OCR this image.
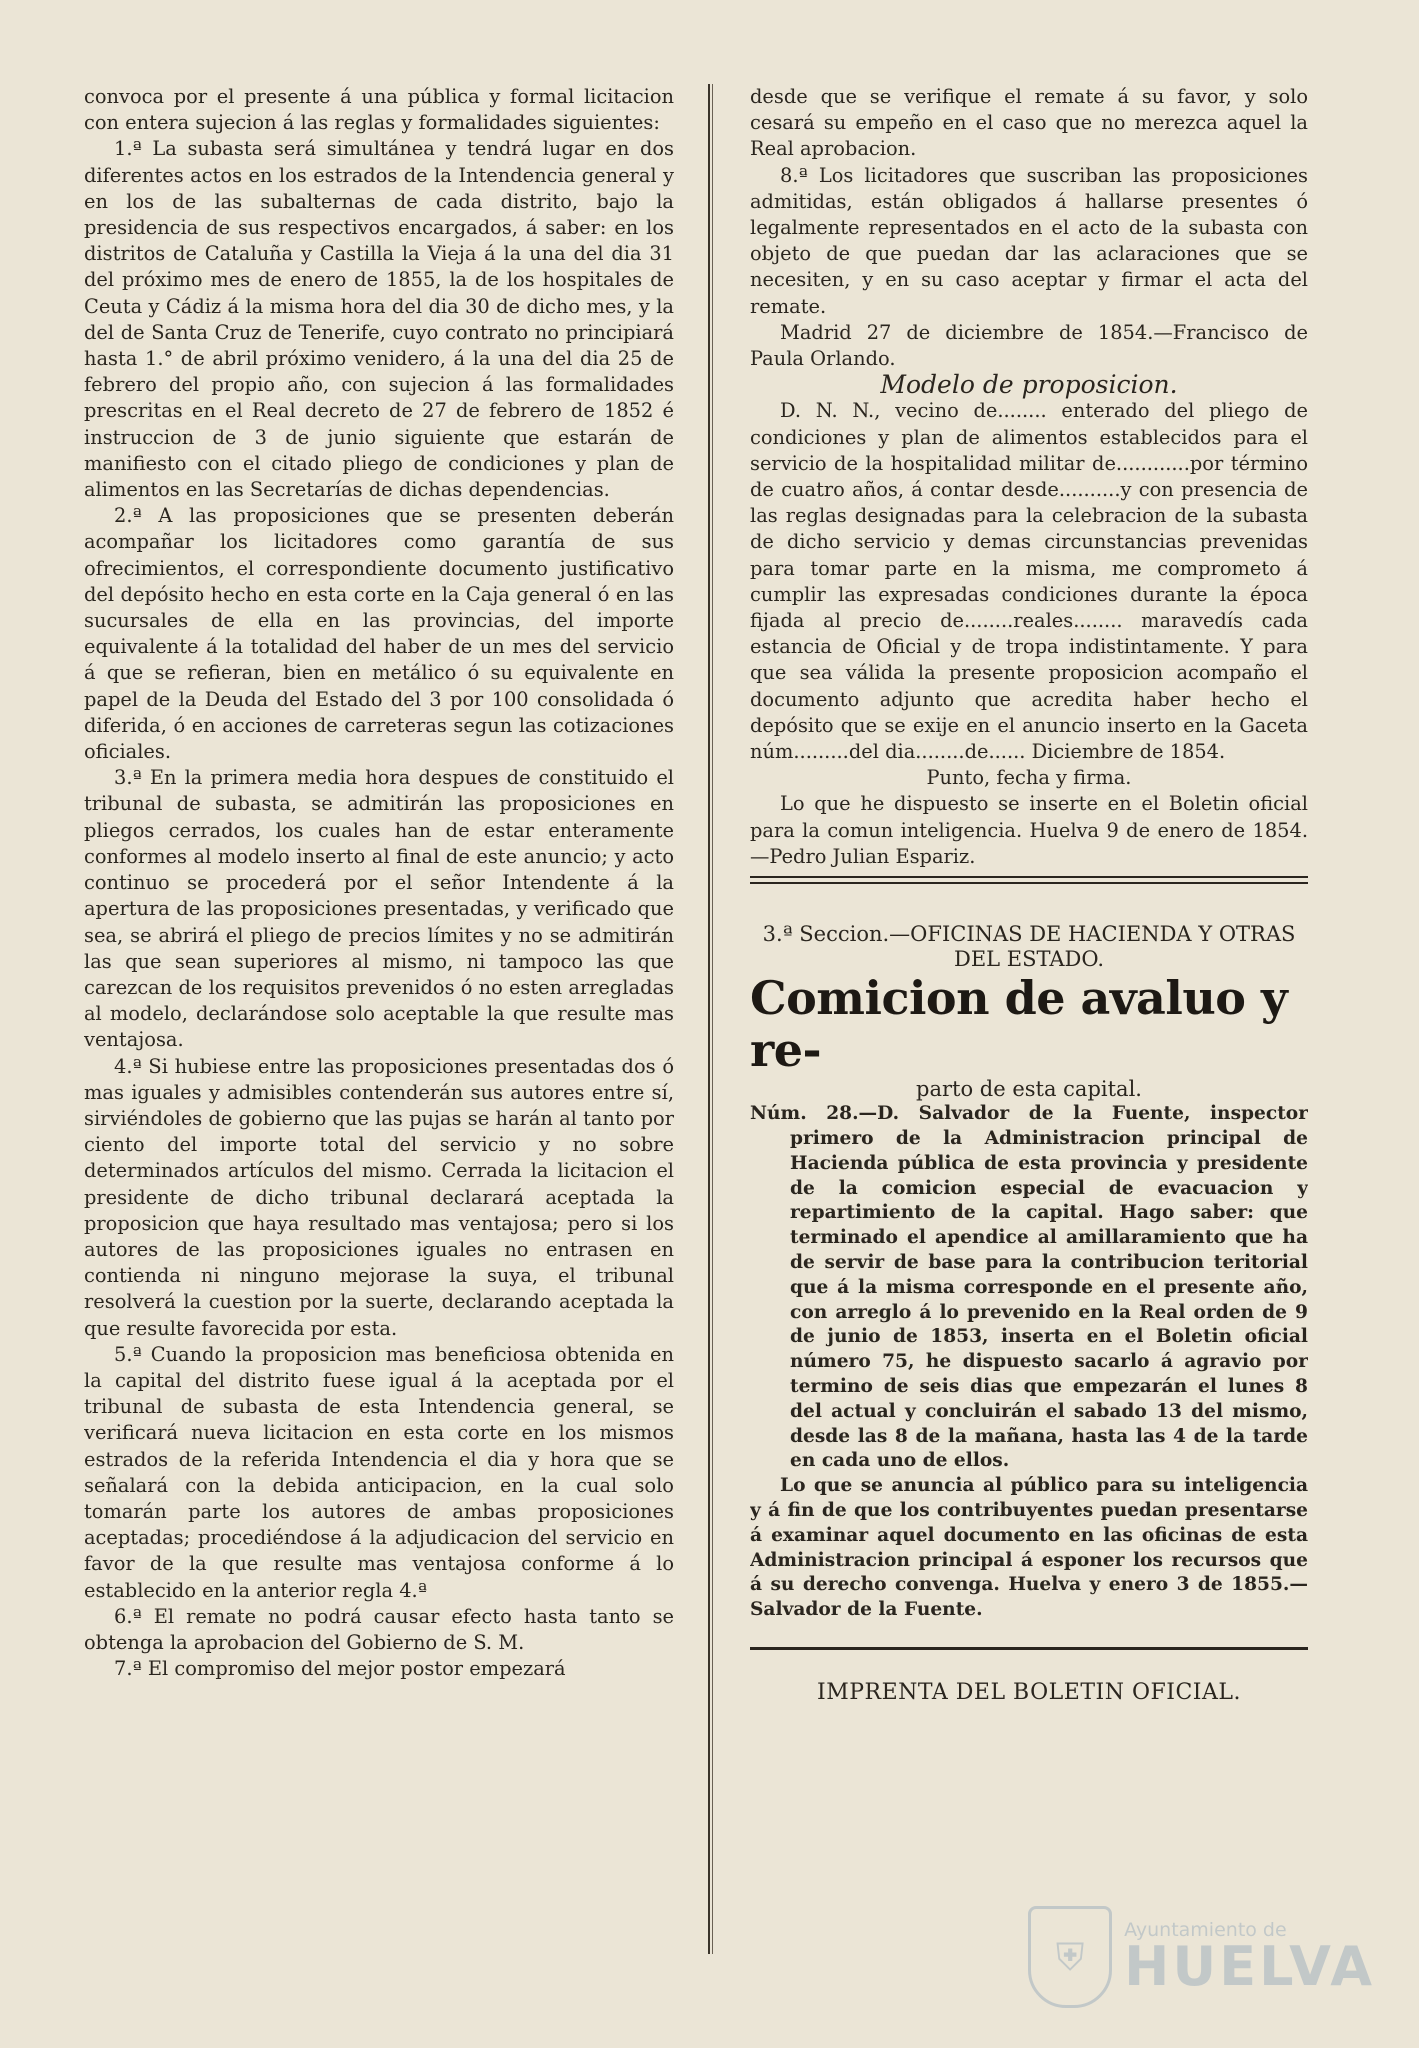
convoca por el presente á una pública y formal licitacion con entera sujecion á las reglas y formalidades siguientes:

1.ª La subasta será simultánea y tendrá lugar en dos diferentes actos en los estrados de la Intendencia general y en los de las subalternas de cada distrito, bajo la presidencia de sus respectivos encargados, á saber: en los distritos de Cataluña y Castilla la Vieja á la una del dia 31 del próximo mes de enero de 1855, la de los hospitales de Ceuta y Cádiz á la misma hora del dia 30 de dicho mes, y la del de Santa Cruz de Tenerife, cuyo contrato no principiará hasta 1.° de abril próximo venidero, á la una del dia 25 de febrero del propio año, con sujecion á las formalidades prescritas en el Real decreto de 27 de febrero de 1852 é instruccion de 3 de junio siguiente que estarán de manifiesto con el citado pliego de condiciones y plan de alimentos en las Secretarías de dichas dependencias.

2.ª A las proposiciones que se presenten deberán acompañar los licitadores como garantía de sus ofrecimientos, el correspondiente documento justificativo del depósito hecho en esta corte en la Caja general ó en las sucursales de ella en las provincias, del importe equivalente á la totalidad del haber de un mes del servicio á que se refieran, bien en metálico ó su equivalente en papel de la Deuda del Estado del 3 por 100 consolidada ó diferida, ó en acciones de carreteras segun las cotizaciones oficiales.

3.ª En la primera media hora despues de constituido el tribunal de subasta, se admitirán las proposiciones en pliegos cerrados, los cuales han de estar enteramente conformes al modelo inserto al final de este anuncio; y acto continuo se procederá por el señor Intendente á la apertura de las proposiciones presentadas, y verificado que sea, se abrirá el pliego de precios límites y no se admitirán las que sean superiores al mismo, ni tampoco las que carezcan de los requisitos prevenidos ó no esten arregladas al modelo, declarándose solo aceptable la que resulte mas ventajosa.

4.ª Si hubiese entre las proposiciones presentadas dos ó mas iguales y admisibles contenderán sus autores entre sí, sirviéndoles de gobierno que las pujas se harán al tanto por ciento del importe total del servicio y no sobre determinados artículos del mismo. Cerrada la licitacion el presidente de dicho tribunal declarará aceptada la proposicion que haya resultado mas ventajosa; pero si los autores de las proposiciones iguales no entrasen en contienda ni ninguno mejorase la suya, el tribunal resolverá la cuestion por la suerte, declarando aceptada la que resulte favorecida por esta.

5.ª Cuando la proposicion mas beneficiosa obtenida en la capital del distrito fuese igual á la aceptada por el tribunal de subasta de esta Intendencia general, se verificará nueva licitacion en esta corte en los mismos estrados de la referida Intendencia el dia y hora que se señalará con la debida anticipacion, en la cual solo tomarán parte los autores de ambas proposiciones aceptadas; procediéndose á la adjudicacion del servicio en favor de la que resulte mas ventajosa conforme á lo establecido en la anterior regla 4.ª

6.ª El remate no podrá causar efecto hasta tanto se obtenga la aprobacion del Gobierno de S. M.

7.ª El compromiso del mejor postor empezará

desde que se verifique el remate á su favor, y solo cesará su empeño en el caso que no merezca aquel la Real aprobacion.

8.ª Los licitadores que suscriban las proposiciones admitidas, están obligados á hallarse presentes ó legalmente representados en el acto de la subasta con objeto de que puedan dar las aclaraciones que se necesiten, y en su caso aceptar y firmar el acta del remate.

Madrid 27 de diciembre de 1854.—Francisco de Paula Orlando.

Modelo de proposicion.

D. N. N., vecino de........ enterado del pliego de condiciones y plan de alimentos establecidos para el servicio de la hospitalidad militar de............por término de cuatro años, á contar desde..........y con presencia de las reglas designadas para la celebracion de la subasta de dicho servicio y demas circunstancias prevenidas para tomar parte en la misma, me comprometo á cumplir las expresadas condiciones durante la época fijada al precio de........reales........ maravedís cada estancia de Oficial y de tropa indistintamente. Y para que sea válida la presente proposicion acompaño el documento adjunto que acredita haber hecho el depósito que se exije en el anuncio inserto en la Gaceta núm.........del dia........de...... Diciembre de 1854.

Punto, fecha y firma.

Lo que he dispuesto se inserte en el Boletin oficial para la comun inteligencia. Huelva 9 de enero de 1854.—Pedro Julian Espariz.

3.ª Seccion.—OFICINAS DE HACIENDA Y OTRAS
DEL ESTADO.

Comicion de avaluo y re-

parto de esta capital.

Núm. 28.—D. Salvador de la Fuente, inspector primero de la Administracion principal de Hacienda pública de esta provincia y presidente de la comicion especial de evacuacion y repartimiento de la capital. Hago saber: que terminado el apendice al amillaramiento que ha de servir de base para la contribucion teritorial que á la misma corresponde en el presente año, con arreglo á lo prevenido en la Real orden de 9 de junio de 1853, inserta en el Boletin oficial número 75, he dispuesto sacarlo á agravio por termino de seis dias que empezarán el lunes 8 del actual y concluirán el sabado 13 del mismo, desde las 8 de la mañana, hasta las 4 de la tarde en cada uno de ellos.

Lo que se anuncia al público para su inteligencia y á fin de que los contribuyentes puedan presentarse á examinar aquel documento en las oficinas de esta Administracion principal á esponer los recursos que á su derecho convenga. Huelva y enero 3 de 1855.—Salvador de la Fuente.

IMPRENTA DEL BOLETIN OFICIAL.

⛨
Ayuntamiento de
HUELVA
